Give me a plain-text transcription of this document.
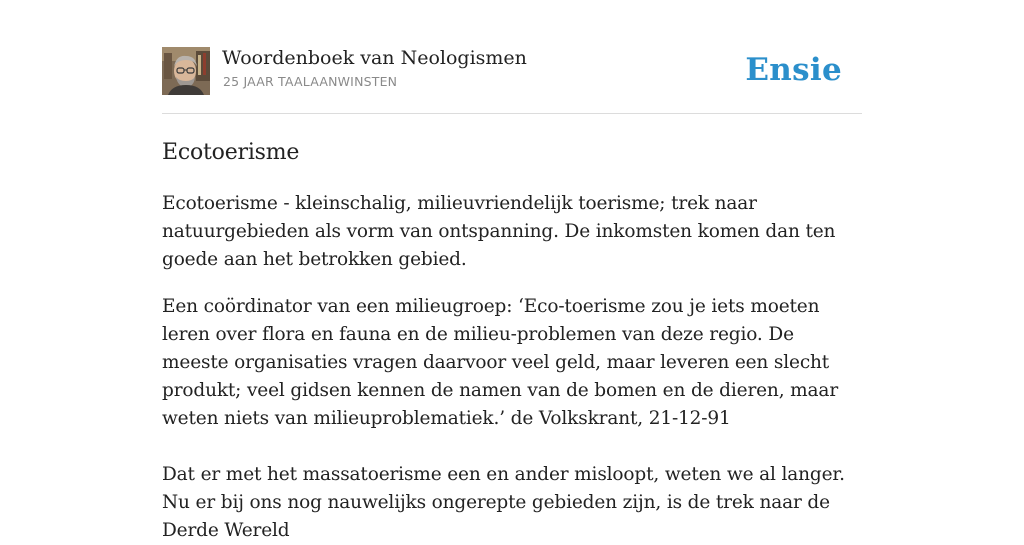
Woordenboek van Neologismen
25 JAAR TAALAANWINSTEN	Ensie
Ecotoerisme

Ecotoerisme - kleinschalig, milieuvriendelijk toerisme; trek naar natuurgebieden als vorm van ontspanning. De inkomsten komen dan ten goede aan het betrokken gebied.

Een coördinator van een milieugroep: ‘Eco-toerisme zou je iets moeten leren over flora en fauna en de milieu-problemen van deze regio. De meeste organisaties vragen daarvoor veel geld, maar leveren een slecht produkt; veel gidsen kennen de namen van de bomen en de dieren, maar weten niets van milieuproblematiek.’ de Volkskrant, 21-12-91

Dat er met het massatoerisme een en ander misloopt, weten we al langer. Nu er bij ons nog nauwelijks ongerepte gebieden zijn, is de trek naar de Derde Wereld
